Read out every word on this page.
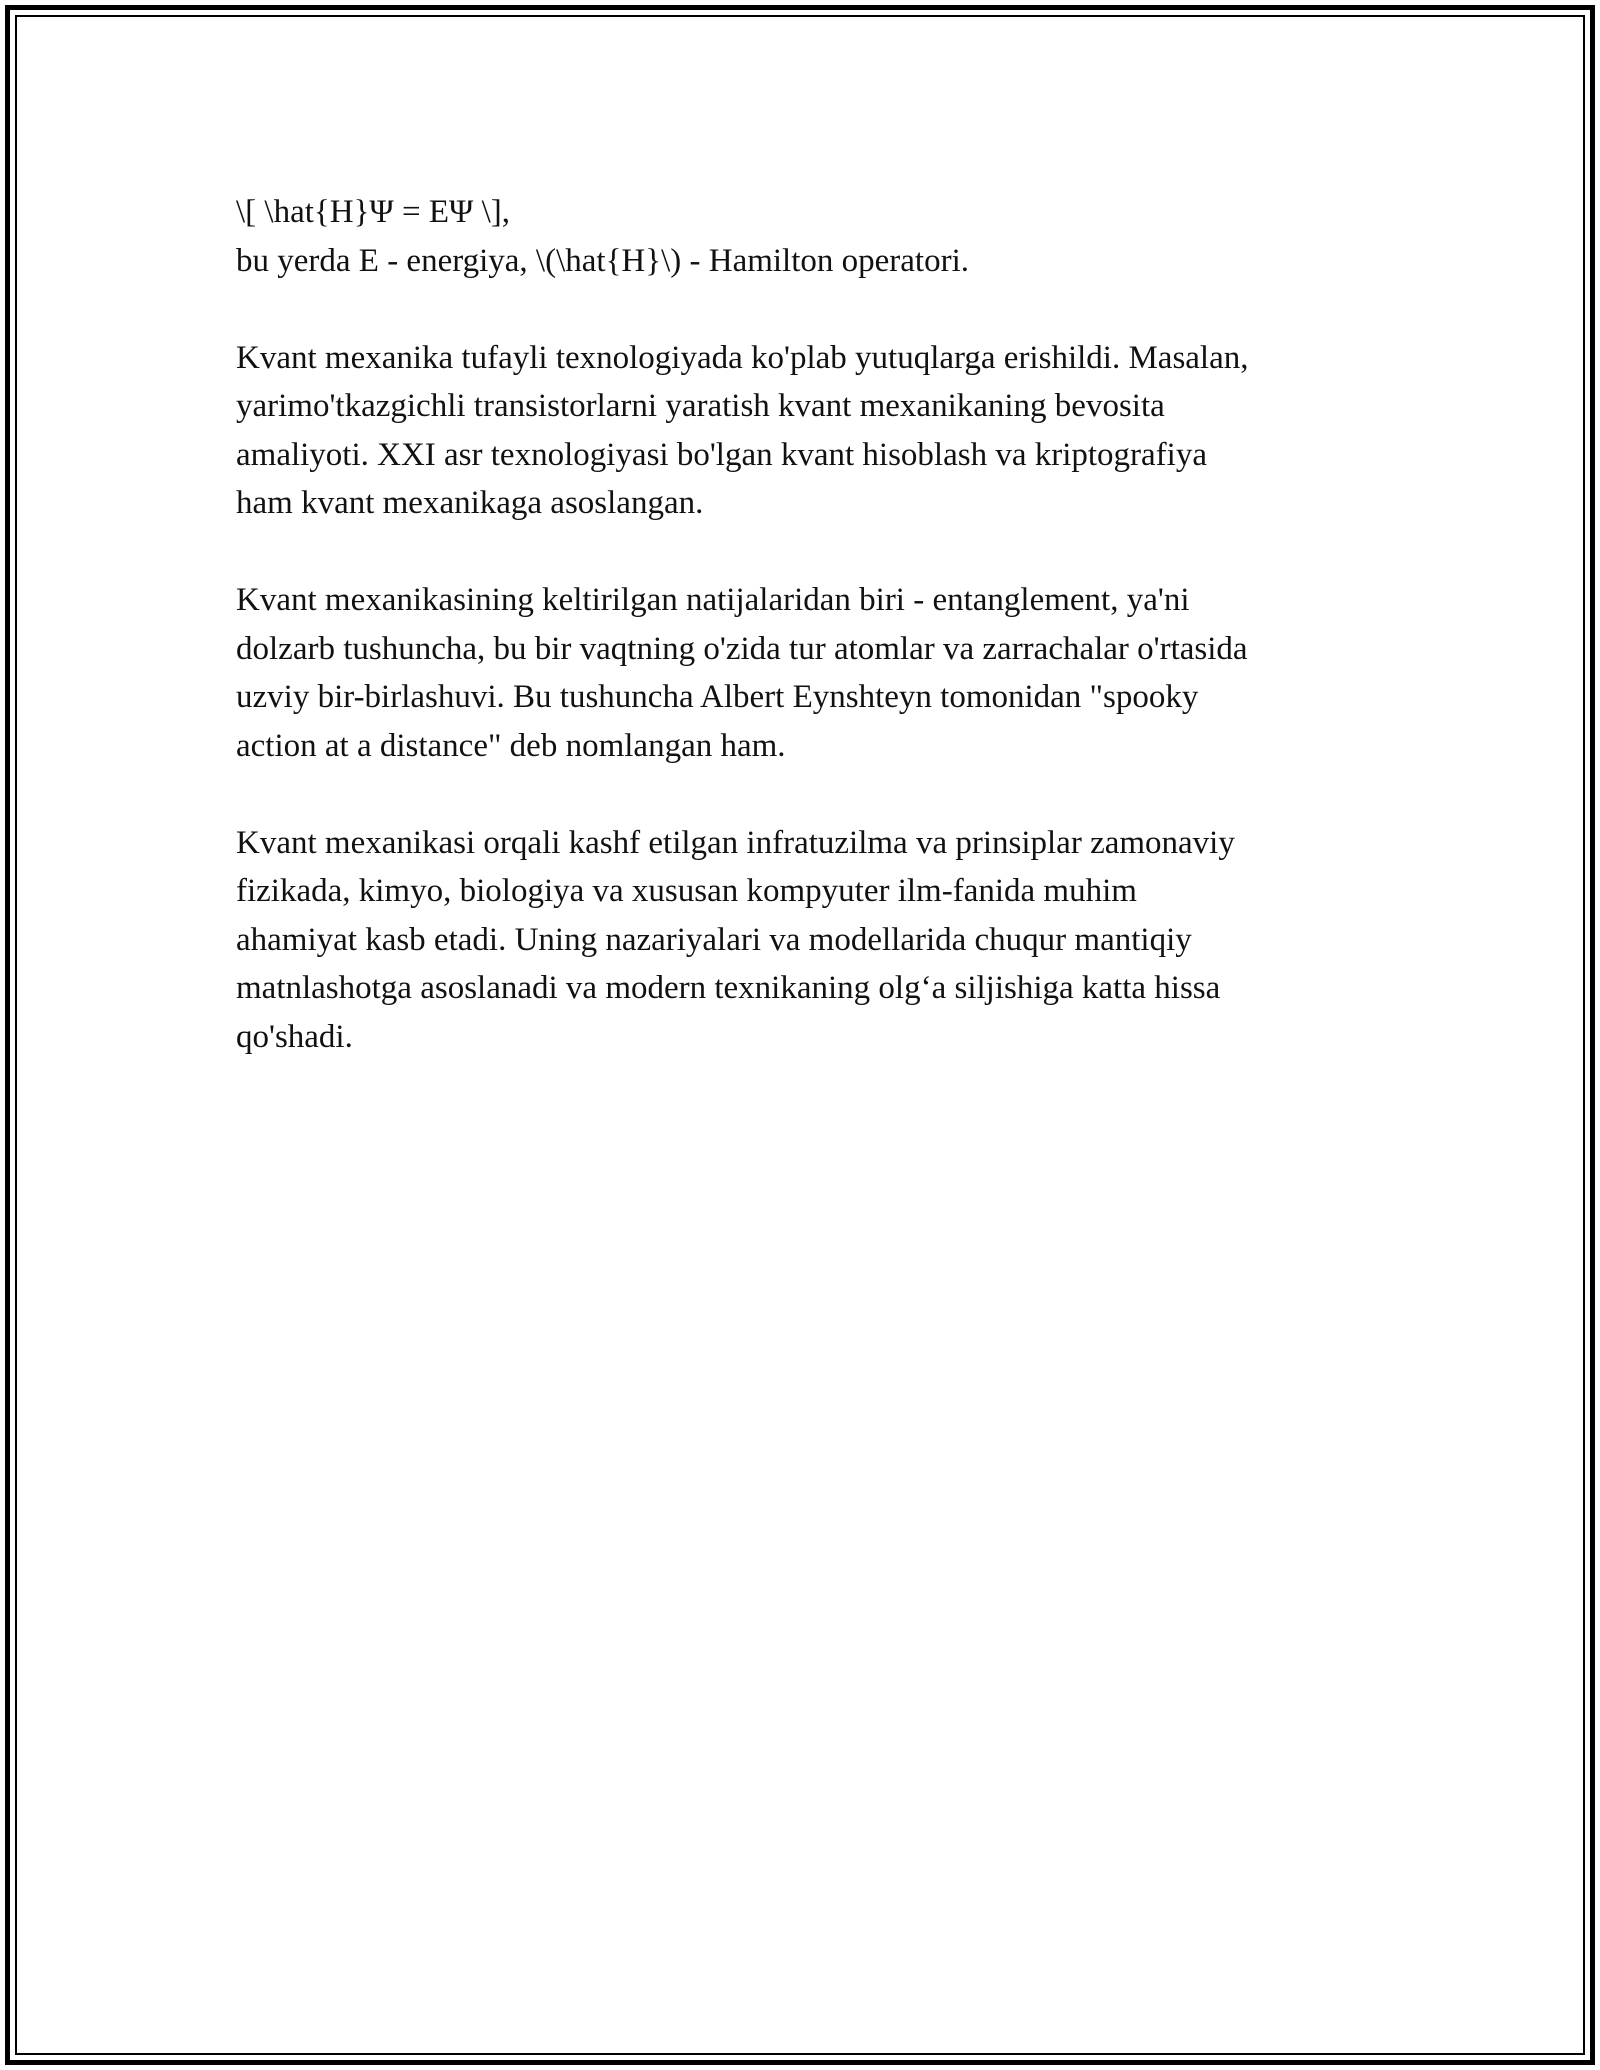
\[ \hat{H}Ψ = EΨ \],
bu yerda E - energiya, \(\hat{H}\) - Hamilton operatori.

Kvant mexanika tufayli texnologiyada ko'plab yutuqlarga erishildi. Masalan,
yarimo'tkazgichli transistorlarni yaratish kvant mexanikaning bevosita
amaliyoti. XXI asr texnologiyasi bo'lgan kvant hisoblash va kriptografiya
ham kvant mexanikaga asoslangan.

Kvant mexanikasining keltirilgan natijalaridan biri - entanglement, ya'ni
dolzarb tushuncha, bu bir vaqtning o'zida tur atomlar va zarrachalar o'rtasida
uzviy bir-birlashuvi. Bu tushuncha Albert Eynshteyn tomonidan "spooky
action at a distance" deb nomlangan ham.

Kvant mexanikasi orqali kashf etilgan infratuzilma va prinsiplar zamonaviy
fizikada, kimyo, biologiya va xususan kompyuter ilm-fanida muhim
ahamiyat kasb etadi. Uning nazariyalari va modellarida chuqur mantiqiy
matnlashotga asoslanadi va modern texnikaning olg‘a siljishiga katta hissa
qo'shadi.
